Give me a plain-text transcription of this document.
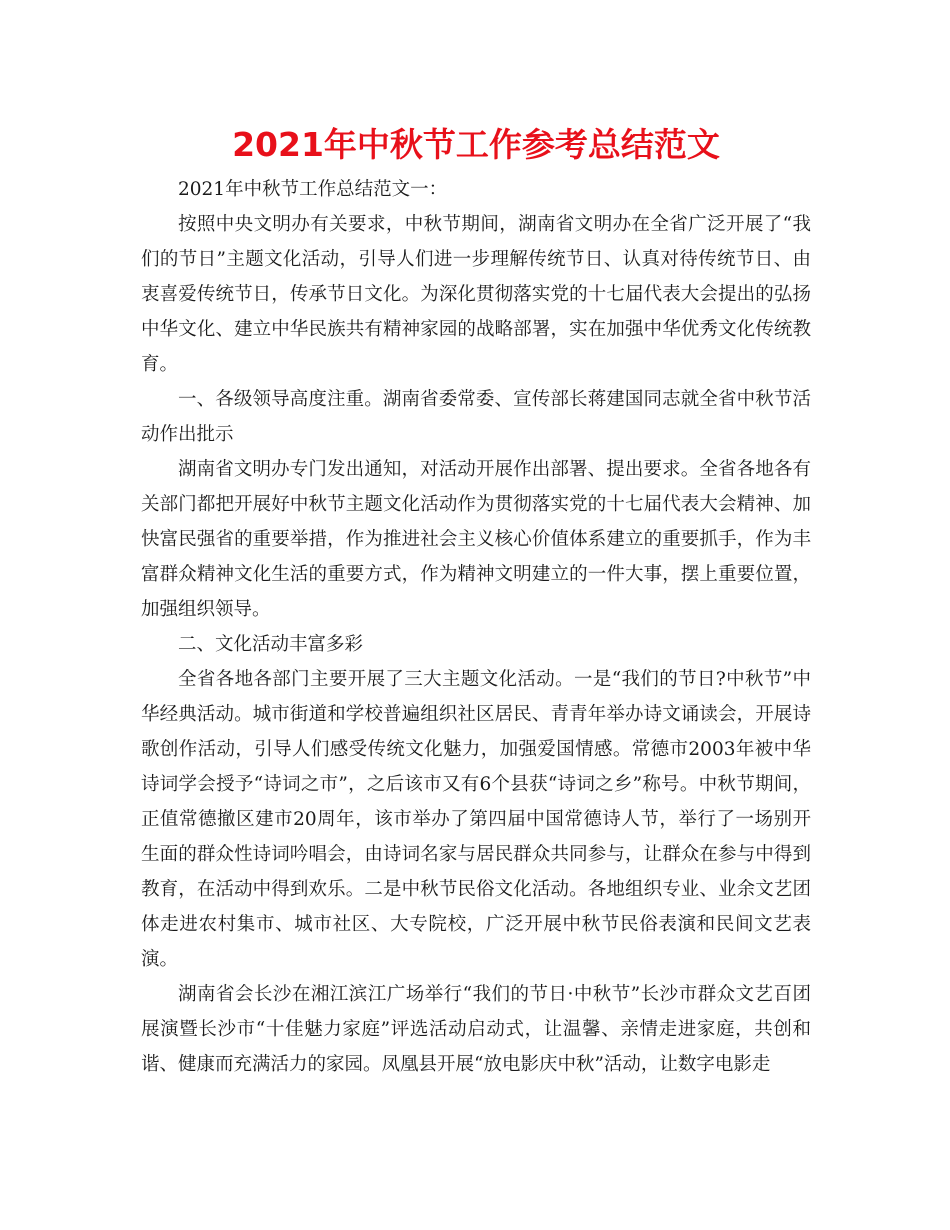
2021年中秋节工作参考总结范文

2021年中秋节工作总结范文一：

按照中央文明办有关要求，中秋节期间，湖南省文明办在全省广泛开展了“我们的节日”主题文化活动，引导人们进一步理解传统节日、认真对待传统节日、由衷喜爱传统节日，传承节日文化。为深化贯彻落实党的十七届代表大会提出的弘扬中华文化、建立中华民族共有精神家园的战略部署，实在加强中华优秀文化传统教育。

一、各级领导高度注重。湖南省委常委、宣传部长蒋建国同志就全省中秋节活动作出批示

湖南省文明办专门发出通知，对活动开展作出部署、提出要求。全省各地各有关部门都把开展好中秋节主题文化活动作为贯彻落实党的十七届代表大会精神、加快富民强省的重要举措，作为推进社会主义核心价值体系建立的重要抓手，作为丰富群众精神文化生活的重要方式，作为精神文明建立的一件大事，摆上重要位置，加强组织领导。

二、文化活动丰富多彩

全省各地各部门主要开展了三大主题文化活动。一是“我们的节日?中秋节”中华经典活动。城市街道和学校普遍组织社区居民、青青年举办诗文诵读会，开展诗歌创作活动，引导人们感受传统文化魅力，加强爱国情感。常德市2003年被中华诗词学会授予“诗词之市”，之后该市又有6个县获“诗词之乡”称号。中秋节期间，正值常德撤区建市20周年，该市举办了第四届中国常德诗人节，举行了一场别开生面的群众性诗词吟唱会，由诗词名家与居民群众共同参与，让群众在参与中得到教育，在活动中得到欢乐。二是中秋节民俗文化活动。各地组织专业、业余文艺团体走进农村集市、城市社区、大专院校，广泛开展中秋节民俗表演和民间文艺表演。

湖南省会长沙在湘江滨江广场举行“我们的节日·中秋节”长沙市群众文艺百团展演暨长沙市“十佳魅力家庭”评选活动启动式，让温馨、亲情走进家庭，共创和谐、健康而充满活力的家园。凤凰县开展“放电影庆中秋”活动，让数字电影走
